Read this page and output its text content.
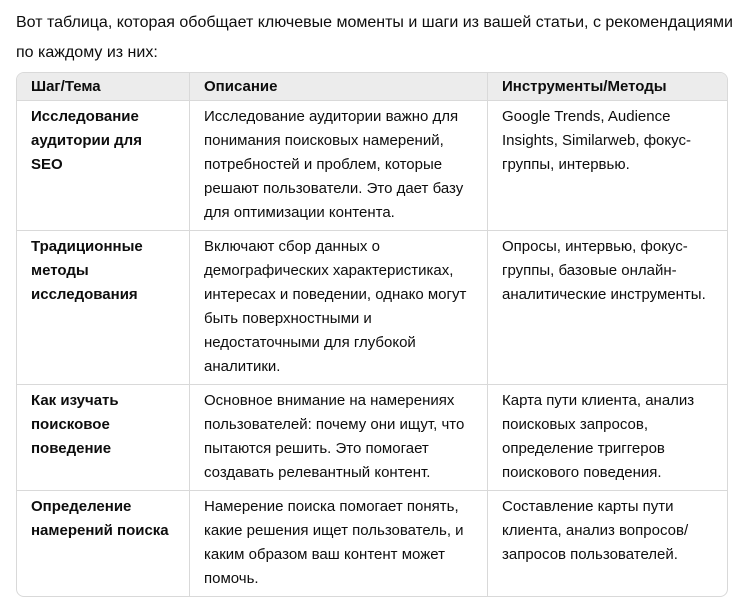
Вот таблица, которая обобщает ключевые моменты и шаги из вашей статьи, с рекомендациями по каждому из них:

Шаг/Тема	Описание	Инструменты/Методы
Исследование аудитории для SEO	Исследование аудитории важно для понимания поисковых намерений, потребностей и проблем, которые решают пользователи. Это дает базу для оптимизации контента.	Google Trends, Audience Insights, Similarweb, фокус-группы, интервью.
Традиционные методы исследования	Включают сбор данных о демографических характеристиках, интересах и поведении, однако могут быть поверхностными и недостаточными для глубокой аналитики.	Опросы, интервью, фокус-группы, базовые онлайн-аналитические инструменты.
Как изучать поисковое поведение	Основное внимание на намерениях пользователей: почему они ищут, что пытаются решить. Это помогает создавать релевантный контент.	Карта пути клиента, анализ поисковых запросов, определение триггеров поискового поведения.
Определение намерений поиска	Намерение поиска помогает понять, какие решения ищет пользователь, и каким образом ваш контент может помочь.	Составление карты пути клиента, анализ вопросов/запросов пользователей.
